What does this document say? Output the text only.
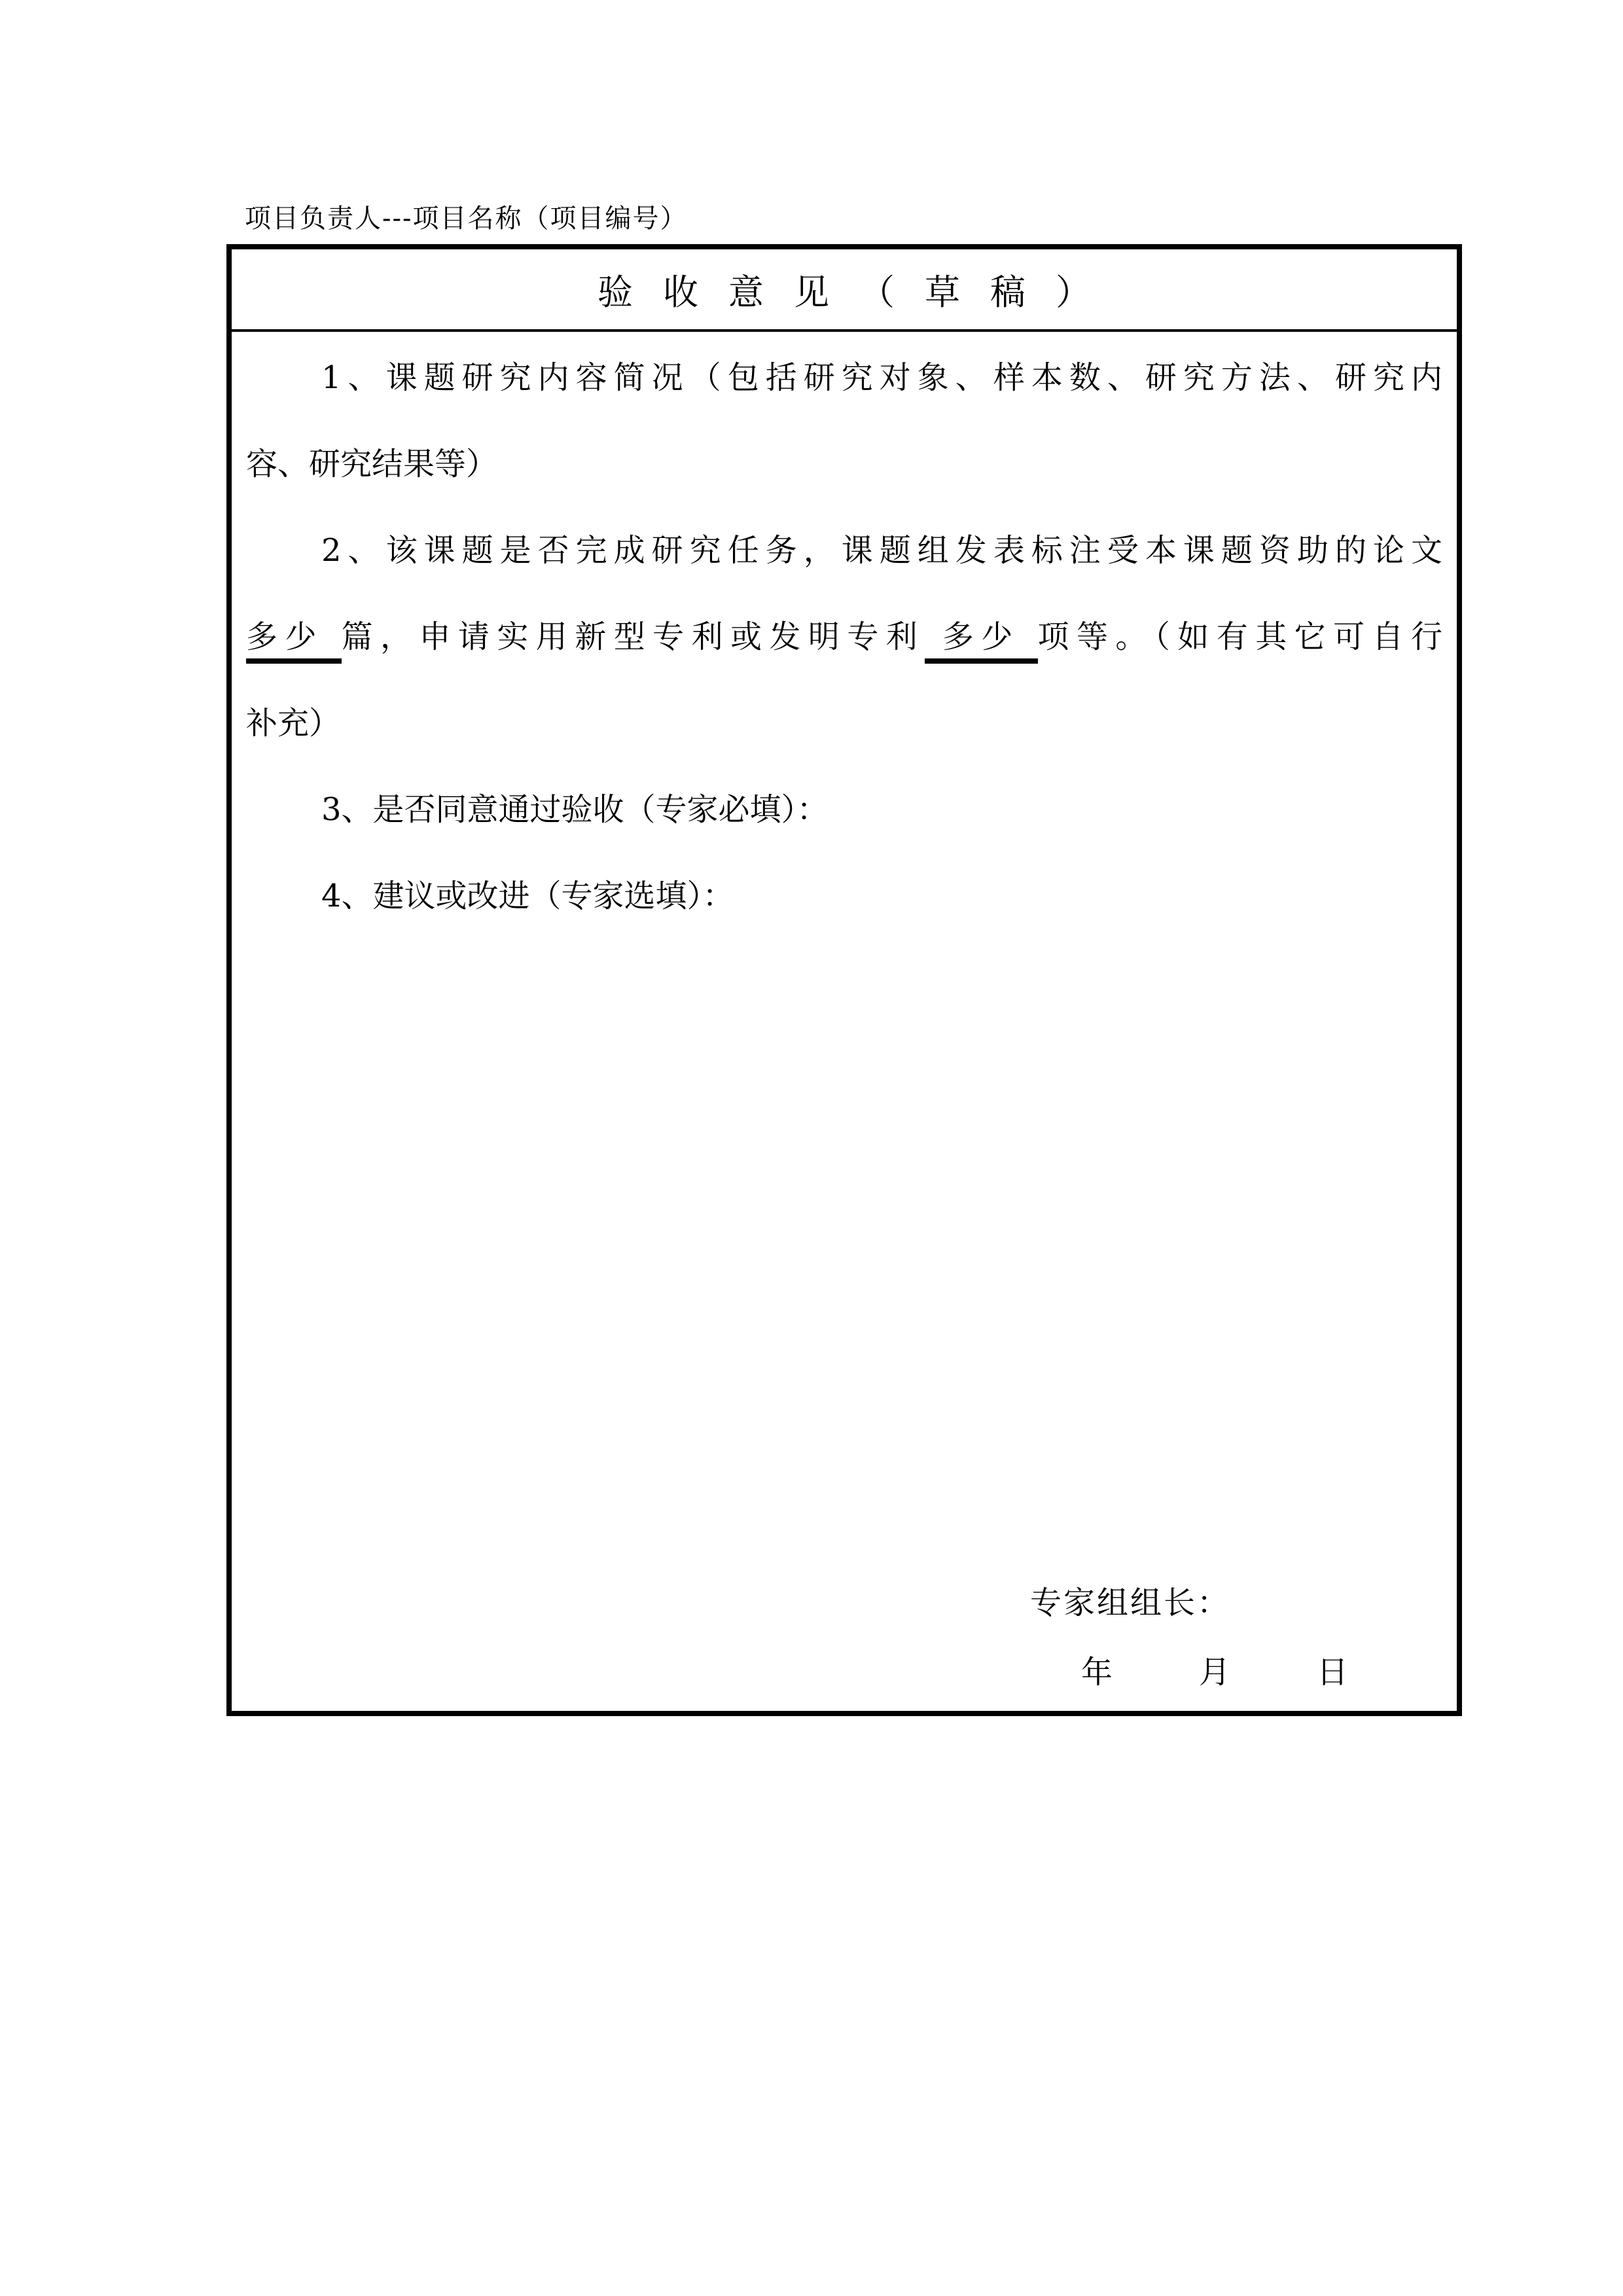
项目负责人---项目名称（项目编号）
验收意见（草稿）
1、课题研究内容简况（包括研究对象、样本数、研究方法、研究内
容、研究结果等）
2、该课题是否完成研究任务，课题组发表标注受本课题资助的论文
多少 篇，申请实用新型专利或发明专利 多少 项等。（如有其它可自行
补充）
3、是否同意通过验收（专家必填）：
4、建议或改进（专家选填）：
专家组组长：
年	月	日
